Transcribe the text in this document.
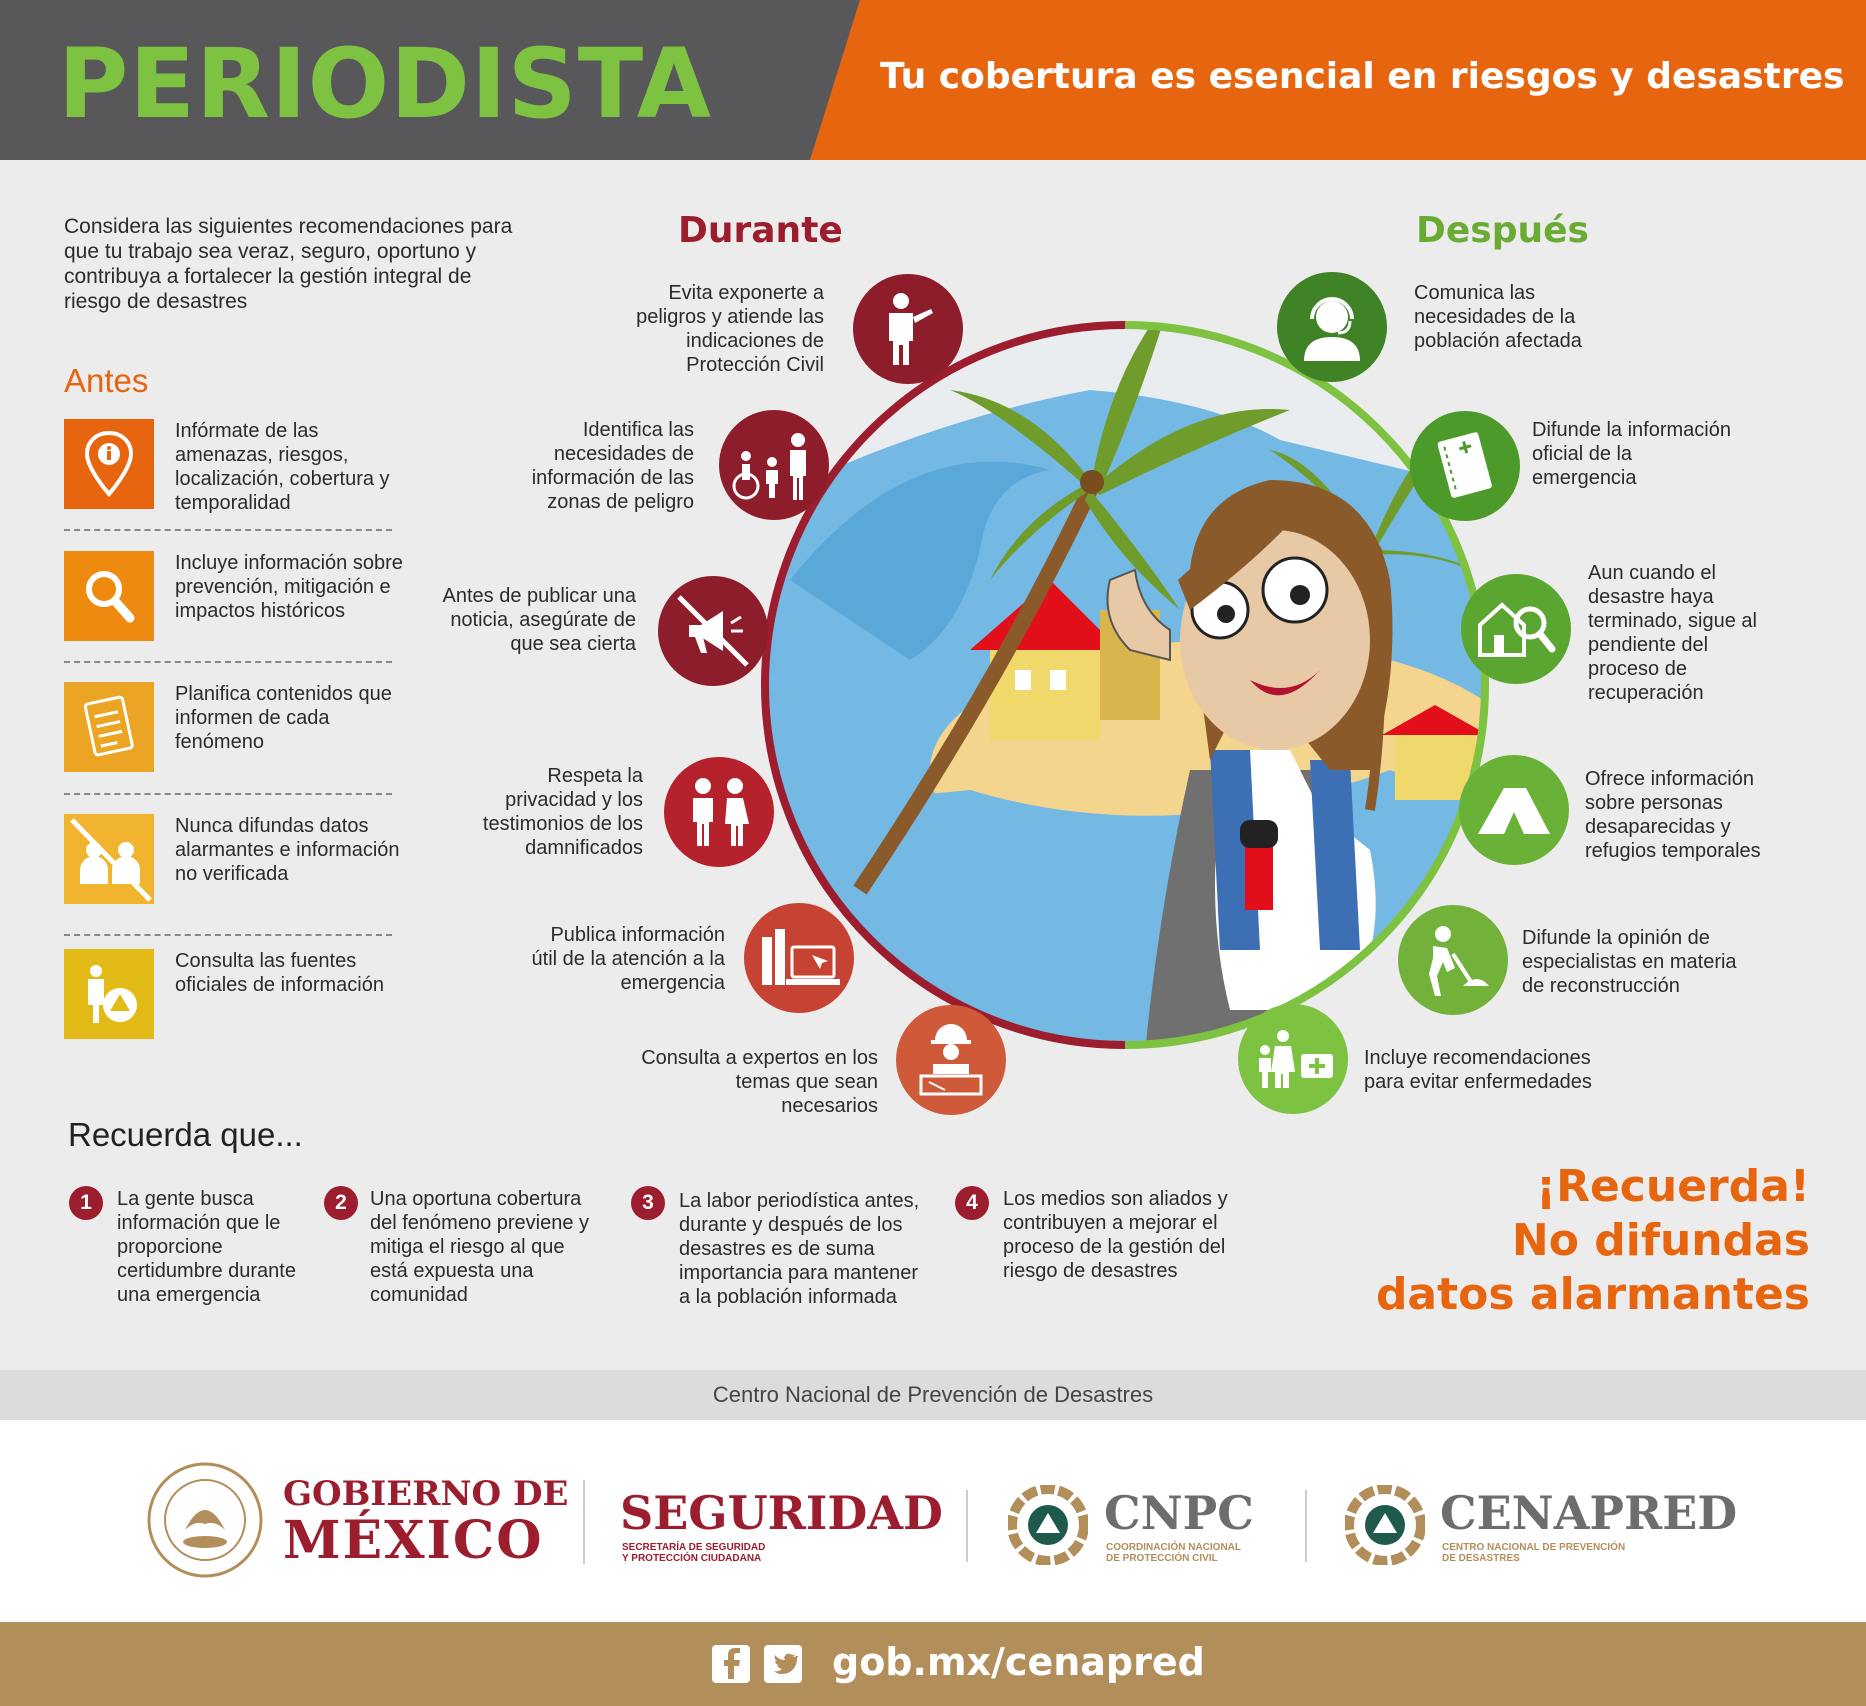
PERIODISTA	Tu cobertura es esencial en riesgos y desastres
Considera las siguientes recomendaciones para que tu trabajo sea veraz, seguro, oportuno y contribuya a fortalecer la gestión integral de riesgo de desastres
Antes
Infórmate de las amenazas, riesgos, localización, cobertura y temporalidad
Incluye información sobre prevención, mitigación e impactos históricos
Planifica contenidos que informen de cada fenómeno
Nunca difundas datos alarmantes e información no verificada
Consulta las fuentes oficiales de información
Durante	Después
Evita exponerte a peligros y atiende las indicaciones de Protección Civil
Identifica las necesidades de información de las zonas de peligro
Antes de publicar una noticia, asegúrate de que sea cierta
Respeta la privacidad y los testimonios de los damnificados
Publica información útil de la atención a la emergencia
Consulta a expertos en los temas que sean necesarios
Comunica las necesidades de la población afectada
Difunde la información oficial de la emergencia
Aun cuando el desastre haya terminado, sigue al pendiente del proceso de recuperación
Ofrece información sobre personas desaparecidas y refugios temporales
Difunde la opinión de especialistas en materia de reconstrucción
Incluye recomendaciones para evitar enfermedades
Recuerda que...
1	La gente busca información que le proporcione certidumbre durante una emergencia
2	Una oportuna cobertura del fenómeno previene y mitiga el riesgo al que está expuesta una comunidad
3	La labor periodística antes, durante y después de los desastres es de suma importancia para mantener a la población informada
4	Los medios son aliados y contribuyen a mejorar el proceso de la gestión del riesgo de desastres
¡Recuerda!
No difundas
datos alarmantes
Centro Nacional de Prevención de Desastres
GOBIERNO DE
MÉXICO SEGURIDAD
SECRETARÍA DE SEGURIDAD
Y PROTECCIÓN CIUDADANA
CNPC
COORDINACIÓN NACIONAL
DE PROTECCIÓN CIVIL
CENAPRED
CENTRO NACIONAL DE PREVENCIÓN
DE DESASTRES
gob.mx/cenapred
